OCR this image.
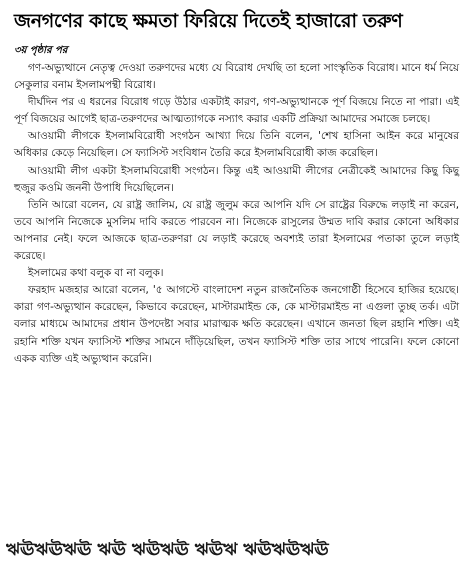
জনগণের কাছে ক্ষমতা ফিরিয়ে দিতেই হাজারো তরুণ
৩য় পৃষ্ঠার পর

গণ-অভ্যুত্থানে নেতৃত্ব দেওয়া তরুণদের মধ্যে যে বিরোধ দেখছি তা হলো সাংস্কৃতিক বিরোধ। মানে ধর্ম নিয়ে সেকুলার বনাম ইসলামপন্থী বিরোধ।

দীর্ঘদিন পর এ ধরনের বিরোধ গড়ে উঠার একটাই কারণ, গণ-অভ্যুত্থানকে পূর্ণ বিজয়ে নিতে না পারা। এই পূর্ণ বিজয়ের আগেই ছাত্র-তরুণদের আত্মত্যাগকে নস্যাৎ করার একটি প্রক্রিয়া আমাদের সমাজে চলছে।

আওয়ামী লীগকে ইসলামবিরোধী সংগঠন আখ্যা দিয়ে তিনি বলেন, 'শেখ হাসিনা আইন করে মানুষের অধিকার কেড়ে নিয়েছিল। সে ফ্যাসিস্ট সংবিধান তৈরি করে ইসলামবিরোধী কাজ করেছিল।

আওয়ামী লীগ একটা ইসলামবিরোধী সংগঠন। কিন্তু এই আওয়ামী লীগের নেত্রীকেই আমাদের কিছু কিছু হুজুর কওমি জননী উপাধি দিয়েছিলেন।

তিনি আরো বলেন, যে রাষ্ট্র জালিম, যে রাষ্ট্র জুলুম করে আপনি যদি সে রাষ্ট্রের বিরুদ্ধে লড়াই না করেন, তবে আপনি নিজেকে মুসলিম দাবি করতে পারবেন না। নিজেকে রাসুলের উম্মত দাবি করার কোনো অধিকার আপনার নেই। ফলে আজকে ছাত্র-তরুণরা যে লড়াই করেছে অবশ্যই তারা ইসলামের পতাকা তুলে লড়াই করেছে।

ইসলামের কথা বলুক বা না বলুক।

ফরহাদ মজহার আরো বলেন, '৫ আগস্টে বাংলাদেশ নতুন রাজনৈতিক জনগোষ্ঠী হিসেবে হাজির হয়েছে। কারা গণ-অভ্যুত্থান করেছেন, কিভাবে করেছেন, মাস্টারমাইন্ড কে, কে মাস্টারমাইন্ড না এগুলা তুচ্ছ তর্ক। এটা বলার মাধ্যমে আমাদের প্রধান উপদেষ্টা সবার মারাত্মক ক্ষতি করেছেন। এখানে জনতা ছিল রহানি শক্তি। এই রহানি শক্তি যখন ফ্যাসিস্ট শক্তির সামনে দাঁড়িয়েছিল, তখন ফ্যাসিস্ট শক্তি তার সাথে পারেনি। ফলে কোনো একক ব্যক্তি এই অভ্যুত্থান করেনি।

ঋঊঋঊঋঊ ঋঊ ঋঊঋঊ ঋঊঋ ঋঊঋঊঋঊ
